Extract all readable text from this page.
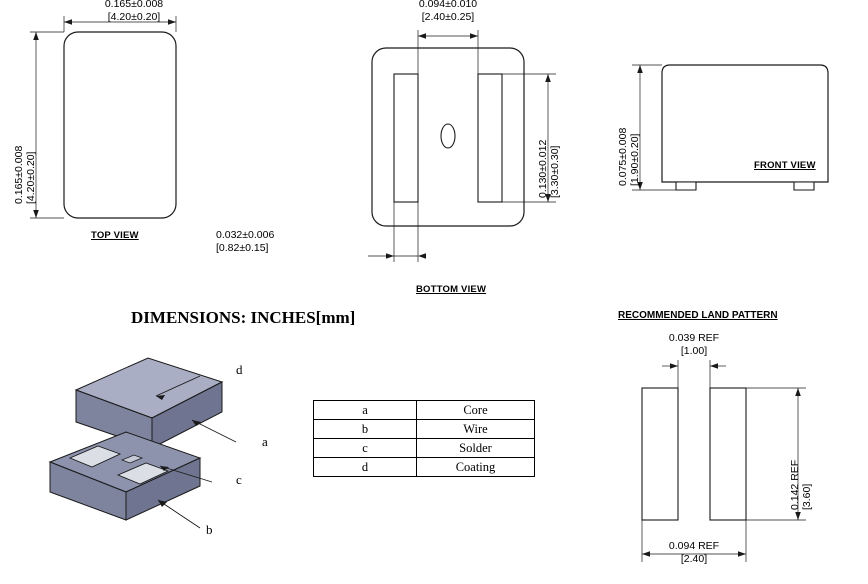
0.165±0.008
[4.20±0.20]
0.165±0.008 [4.20±0.20]
TOP VIEW
0.094±0.010
[2.40±0.25]
0.130±0.012 [3.30±0.30]
0.032±0.006
[0.82±0.15]
BOTTOM VIEW
0.075±0.008 [1.90±0.20]	FRONT VIEW
DIMENSIONS: INCHES[mm]	RECOMMENDED LAND PATTERN
d
a
c
b
a	Core
b	Wire
c	Solder
d	Coating
0.039 REF
[1.00]
0.142 REF [3.60]
0.094 REF
[2.40]
